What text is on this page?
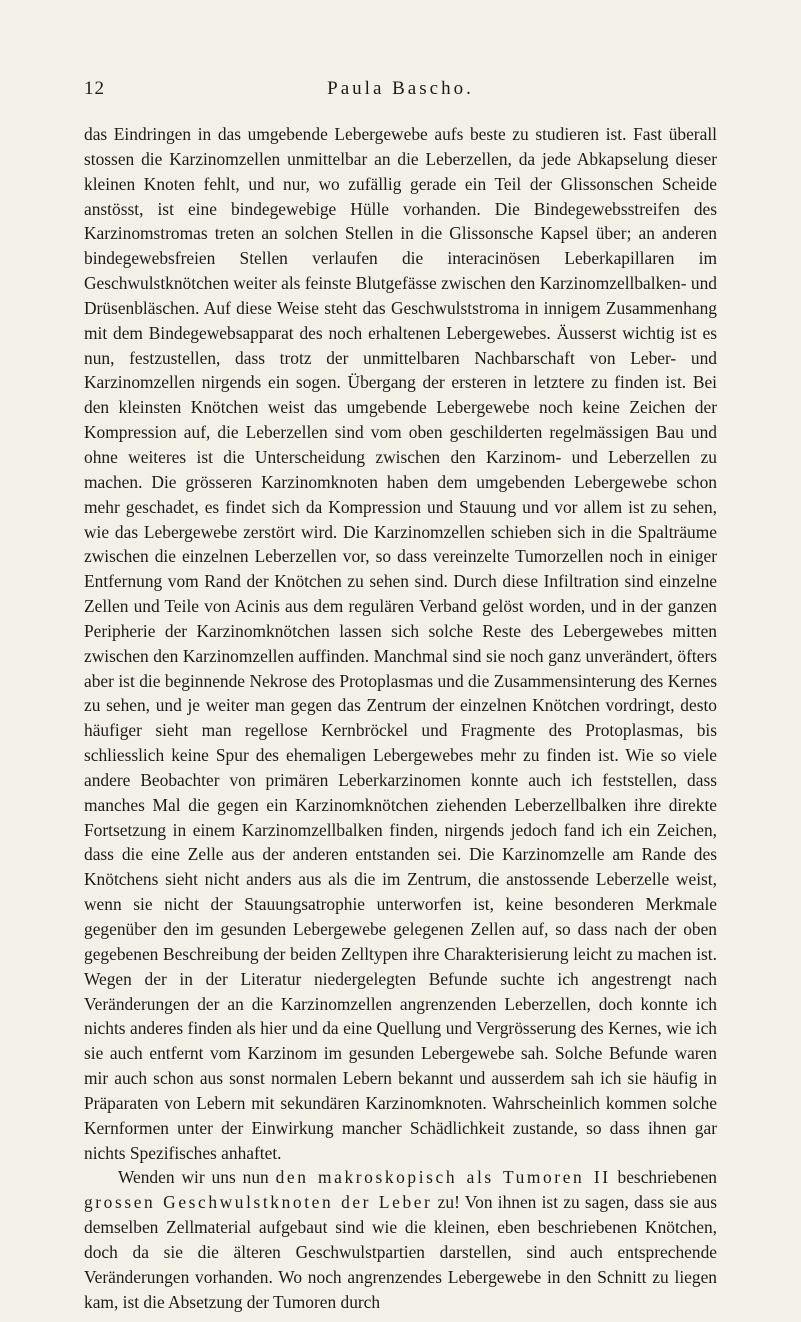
12	Paula Bascho.

das Eindringen in das umgebende Lebergewebe aufs beste zu studieren ist. Fast überall stossen die Karzinomzellen unmittelbar an die Leberzellen, da jede Abkapselung dieser kleinen Knoten fehlt, und nur, wo zufällig gerade ein Teil der Glissonschen Scheide anstösst, ist eine bindegewebige Hülle vorhanden. Die Bindegewebsstreifen des Karzinomstromas treten an solchen Stellen in die Glissonsche Kapsel über; an anderen bindegewebsfreien Stellen verlaufen die interacinösen Leberkapillaren im Geschwulstknötchen weiter als feinste Blutgefässe zwischen den Karzinomzellbalken- und Drüsenbläschen. Auf diese Weise steht das Geschwulststroma in innigem Zusammenhang mit dem Bindegewebsapparat des noch erhaltenen Lebergewebes. Äusserst wichtig ist es nun, festzustellen, dass trotz der unmittelbaren Nachbarschaft von Leber- und Karzinomzellen nirgends ein sogen. Übergang der ersteren in letztere zu finden ist. Bei den kleinsten Knötchen weist das umgebende Lebergewebe noch keine Zeichen der Kompression auf, die Leberzellen sind vom oben geschilderten regelmässigen Bau und ohne weiteres ist die Unterscheidung zwischen den Karzinom- und Leberzellen zu machen. Die grösseren Karzinomknoten haben dem umgebenden Lebergewebe schon mehr geschadet, es findet sich da Kompression und Stauung und vor allem ist zu sehen, wie das Lebergewebe zerstört wird. Die Karzinomzellen schieben sich in die Spalträume zwischen die einzelnen Leberzellen vor, so dass vereinzelte Tumorzellen noch in einiger Entfernung vom Rand der Knötchen zu sehen sind. Durch diese Infiltration sind einzelne Zellen und Teile von Acinis aus dem regulären Verband gelöst worden, und in der ganzen Peripherie der Karzinomknötchen lassen sich solche Reste des Lebergewebes mitten zwischen den Karzinomzellen auffinden. Manchmal sind sie noch ganz unverändert, öfters aber ist die beginnende Nekrose des Protoplasmas und die Zusammensinterung des Kernes zu sehen, und je weiter man gegen das Zentrum der einzelnen Knötchen vordringt, desto häufiger sieht man regellose Kernbröckel und Fragmente des Protoplasmas, bis schliesslich keine Spur des ehemaligen Lebergewebes mehr zu finden ist. Wie so viele andere Beobachter von primären Leberkarzinomen konnte auch ich feststellen, dass manches Mal die gegen ein Karzinomknötchen ziehenden Leberzellbalken ihre direkte Fortsetzung in einem Karzinomzellbalken finden, nirgends jedoch fand ich ein Zeichen, dass die eine Zelle aus der anderen entstanden sei. Die Karzinomzelle am Rande des Knötchens sieht nicht anders aus als die im Zentrum, die anstossende Leberzelle weist, wenn sie nicht der Stauungsatrophie unterworfen ist, keine besonderen Merkmale gegenüber den im gesunden Lebergewebe gelegenen Zellen auf, so dass nach der oben gegebenen Beschreibung der beiden Zelltypen ihre Charakterisierung leicht zu machen ist. Wegen der in der Literatur niedergelegten Befunde suchte ich angestrengt nach Veränderungen der an die Karzinomzellen angrenzenden Leberzellen, doch konnte ich nichts anderes finden als hier und da eine Quellung und Vergrösserung des Kernes, wie ich sie auch entfernt vom Karzinom im gesunden Lebergewebe sah. Solche Befunde waren mir auch schon aus sonst normalen Lebern bekannt und ausserdem sah ich sie häufig in Präparaten von Lebern mit sekundären Karzinomknoten. Wahrscheinlich kommen solche Kernformen unter der Einwirkung mancher Schädlichkeit zustande, so dass ihnen gar nichts Spezifisches anhaftet.

Wenden wir uns nun den makroskopisch als Tumoren II beschriebenen grossen Geschwulstknoten der Leber zu! Von ihnen ist zu sagen, dass sie aus demselben Zellmaterial aufgebaut sind wie die kleinen, eben beschriebenen Knötchen, doch da sie die älteren Geschwulstpartien darstellen, sind auch entsprechende Veränderungen vorhanden. Wo noch angrenzendes Lebergewebe in den Schnitt zu liegen kam, ist die Absetzung der Tumoren durch
